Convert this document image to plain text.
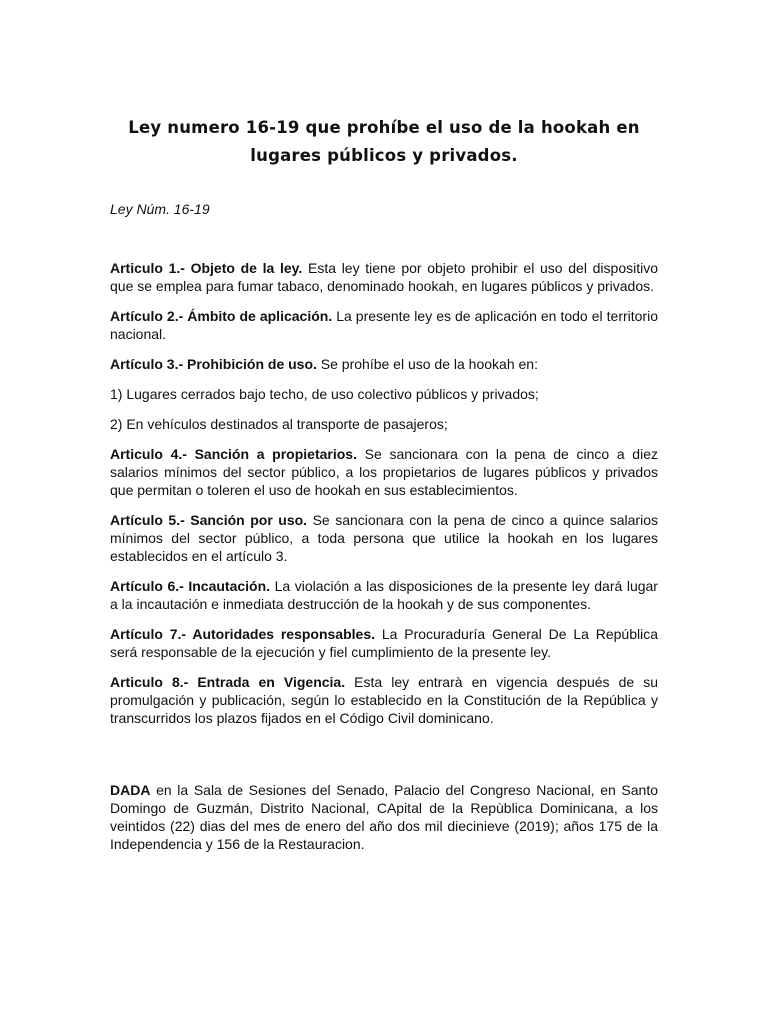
Ley numero 16-19 que prohíbe el uso de la hookah en lugares públicos y privados.

Ley Núm. 16-19

Articulo 1.- Objeto de la ley. Esta ley tiene por objeto prohibir el uso del dispositivo que se emplea para fumar tabaco, denominado hookah, en lugares públicos y privados.

Artículo 2.- Ámbito de aplicación. La presente ley es de aplicación en todo el territorio nacional.

Artículo 3.- Prohibición de uso. Se prohíbe el uso de la hookah en:

1) Lugares cerrados bajo techo, de uso colectivo públicos y privados;

2) En vehículos destinados al transporte de pasajeros;

Articulo 4.- Sanción a propietarios. Se sancionara con la pena de cinco a diez salarios mínimos del sector público, a los propietarios de lugares públicos y privados que permitan o toleren el uso de hookah en sus establecimientos.

Artículo 5.- Sanción por uso. Se sancionara con la pena de cinco a quince salarios mínimos del sector público, a toda persona que utilice la hookah en los lugares establecidos en el artículo 3.

Artículo 6.- Incautación. La violación a las disposiciones de la presente ley dará lugar a la incautación e inmediata destrucción de la hookah y de sus componentes.

Artículo 7.- Autoridades responsables. La Procuraduría General De La República será responsable de la ejecución y fiel cumplimiento de la presente ley.

Articulo 8.- Entrada en Vigencia. Esta ley entrarà en vigencia después de su promulgación y publicación, según lo establecido en la Constitución de la República y transcurridos los plazos fijados en el Código Civil dominicano.

DADA en la Sala de Sesiones del Senado, Palacio del Congreso Nacional, en Santo Domingo de Guzmán, Distrito Nacional, CApital de la Repùblica Dominicana, a los veintidos (22) dias del mes de enero del año dos mil diecinieve (2019); años 175 de la Independencia y 156 de la Restauracion.
